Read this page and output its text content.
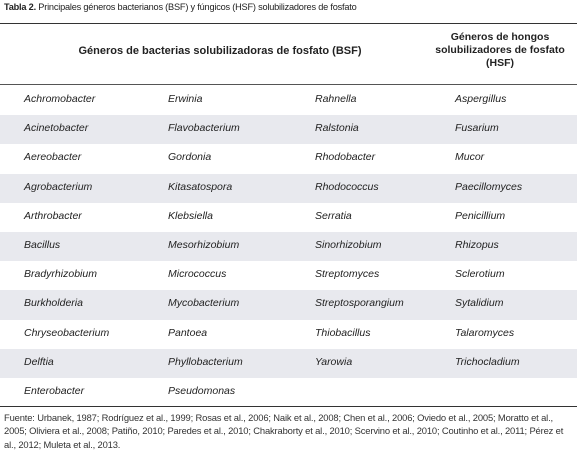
Tabla 2. Principales géneros bacterianos (BSF) y fúngicos (HSF) solubilizadores de fosfato
Géneros de bacterias solubilizadoras de fosfato (BSF)
Géneros de hongos solubilizadores de fosfato (HSF)
Achromobacter	Erwinia	Rahnella	Aspergillus
Acinetobacter	Flavobacterium	Ralstonia	Fusarium
Aereobacter	Gordonia	Rhodobacter	Mucor
Agrobacterium	Kitasatospora	Rhodococcus	Paecillomyces
Arthrobacter	Klebsiella	Serratia	Penicillium
Bacillus	Mesorhizobium	Sinorhizobium	Rhizopus
Bradyrhizobium	Micrococcus	Streptomyces	Sclerotium
Burkholderia	Mycobacterium	Streptosporangium	Sytalidium
Chryseobacterium	Pantoea	Thiobacillus	Talaromyces
Delftia	Phyllobacterium	Yarowia	Trichocladium
Enterobacter	Pseudomonas
Fuente: Urbanek, 1987; Rodríguez et al., 1999; Rosas et al., 2006; Naik et al., 2008; Chen et al., 2006; Oviedo et al., 2005; Moratto et al., 2005; Oliviera et al., 2008; Patiño, 2010; Paredes et al., 2010; Chakraborty et al., 2010; Scervino et al., 2010; Coutinho et al., 2011; Pérez et al., 2012; Muleta et al., 2013.
